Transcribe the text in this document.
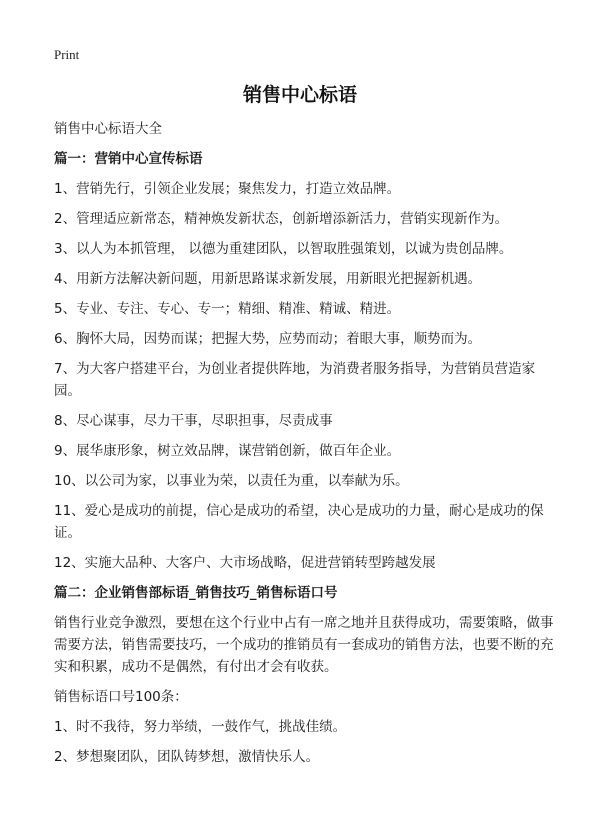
Print
销售中心标语
销售中心标语大全
篇一：营销中心宣传标语
1、营销先行，引领企业发展；聚焦发力，打造立效品牌。
2、管理适应新常态，精神焕发新状态，创新增添新活力，营销实现新作为。
3、以人为本抓管理， 以德为重建团队，以智取胜强策划，以诚为贵创品牌。
4、用新方法解决新问题，用新思路谋求新发展，用新眼光把握新机遇。
5、专业、专注、专心、专一；精细、精准、精诚、精进。
6、胸怀大局，因势而谋；把握大势，应势而动；着眼大事，顺势而为。
7、为大客户搭建平台，为创业者提供阵地，为消费者服务指导，为营销员营造家园。
8、尽心谋事，尽力干事，尽职担事，尽责成事
9、展华康形象，树立效品牌，谋营销创新，做百年企业。
10、以公司为家，以事业为荣，以责任为重，以奉献为乐。
11、爱心是成功的前提，信心是成功的希望，决心是成功的力量，耐心是成功的保证。
12、实施大品种、大客户、大市场战略，促进营销转型跨越发展
篇二：企业销售部标语_销售技巧_销售标语口号
销售行业竞争激烈，要想在这个行业中占有一席之地并且获得成功，需要策略，做事需要方法，销售需要技巧，一个成功的推销员有一套成功的销售方法，也要不断的充实和积累，成功不是偶然，有付出才会有收获。
销售标语口号100条：
1、时不我待，努力举绩，一鼓作气，挑战佳绩。
2、梦想聚团队，团队铸梦想，激情快乐人。
